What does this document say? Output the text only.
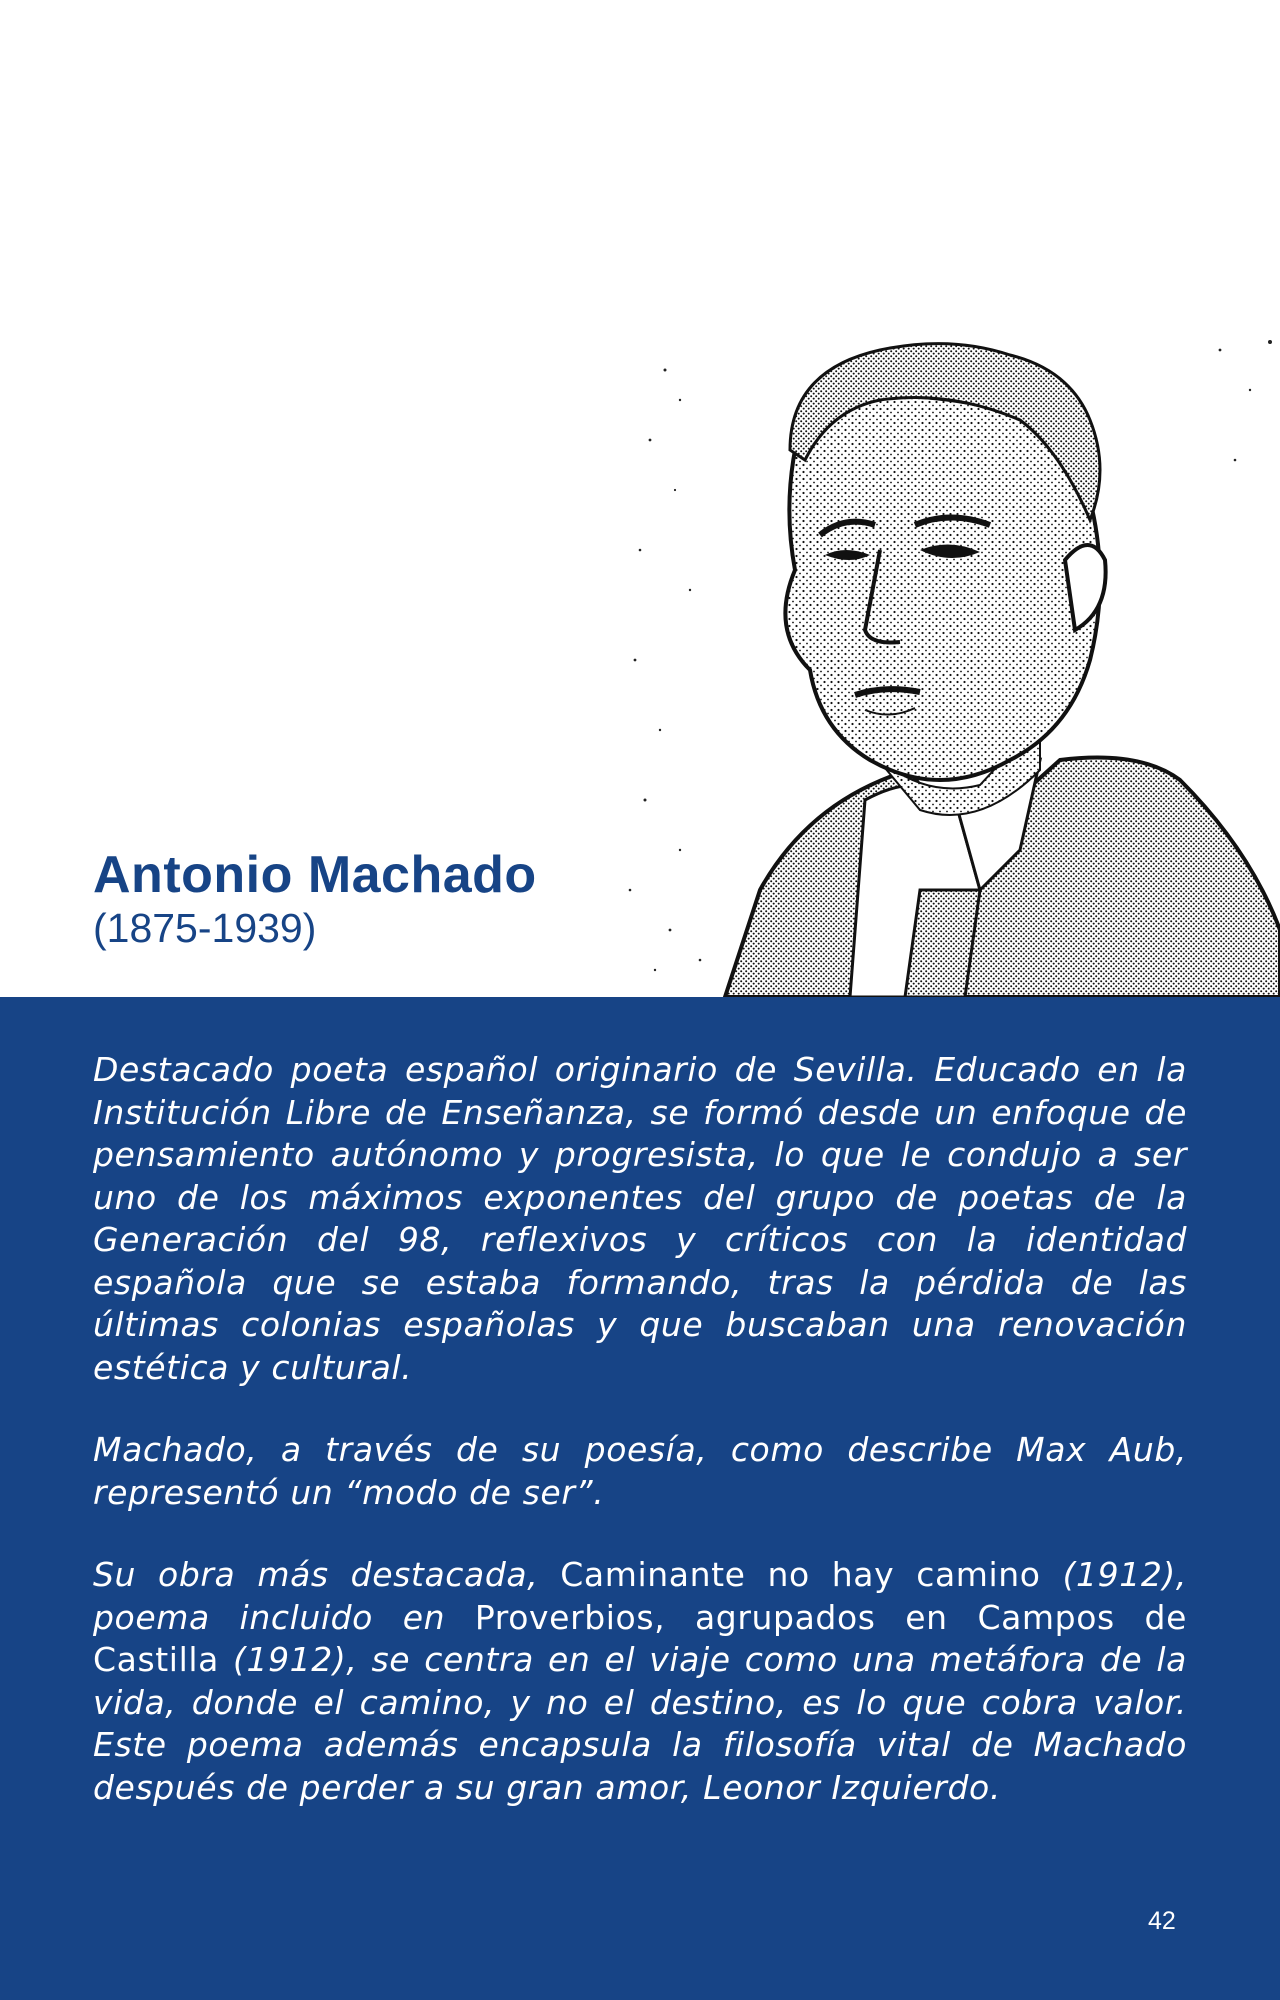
Antonio Machado
(1875-1939)

Destacado poeta español originario de Sevilla. Educado en la Institución Libre de Enseñanza, se formó desde un enfoque de pensamiento autónomo y progresista, lo que le condujo a ser uno de los máximos exponentes del grupo de poetas de la Generación del 98, reflexivos y críticos con la identidad española que se estaba formando, tras la pérdida de las últimas colonias españolas y que buscaban una renovación estética y cultural.

Machado, a través de su poesía, como describe Max Aub, representó un “modo de ser”.

Su obra más destacada, Caminante no hay camino (1912), poema incluido en Proverbios, agrupados en Campos de Castilla (1912), se centra en el viaje como una metáfora de la vida, donde el camino, y no el destino, es lo que cobra valor. Este poema además encapsula la filosofía vital de Machado después de perder a su gran amor, Leonor Izquierdo.

42
